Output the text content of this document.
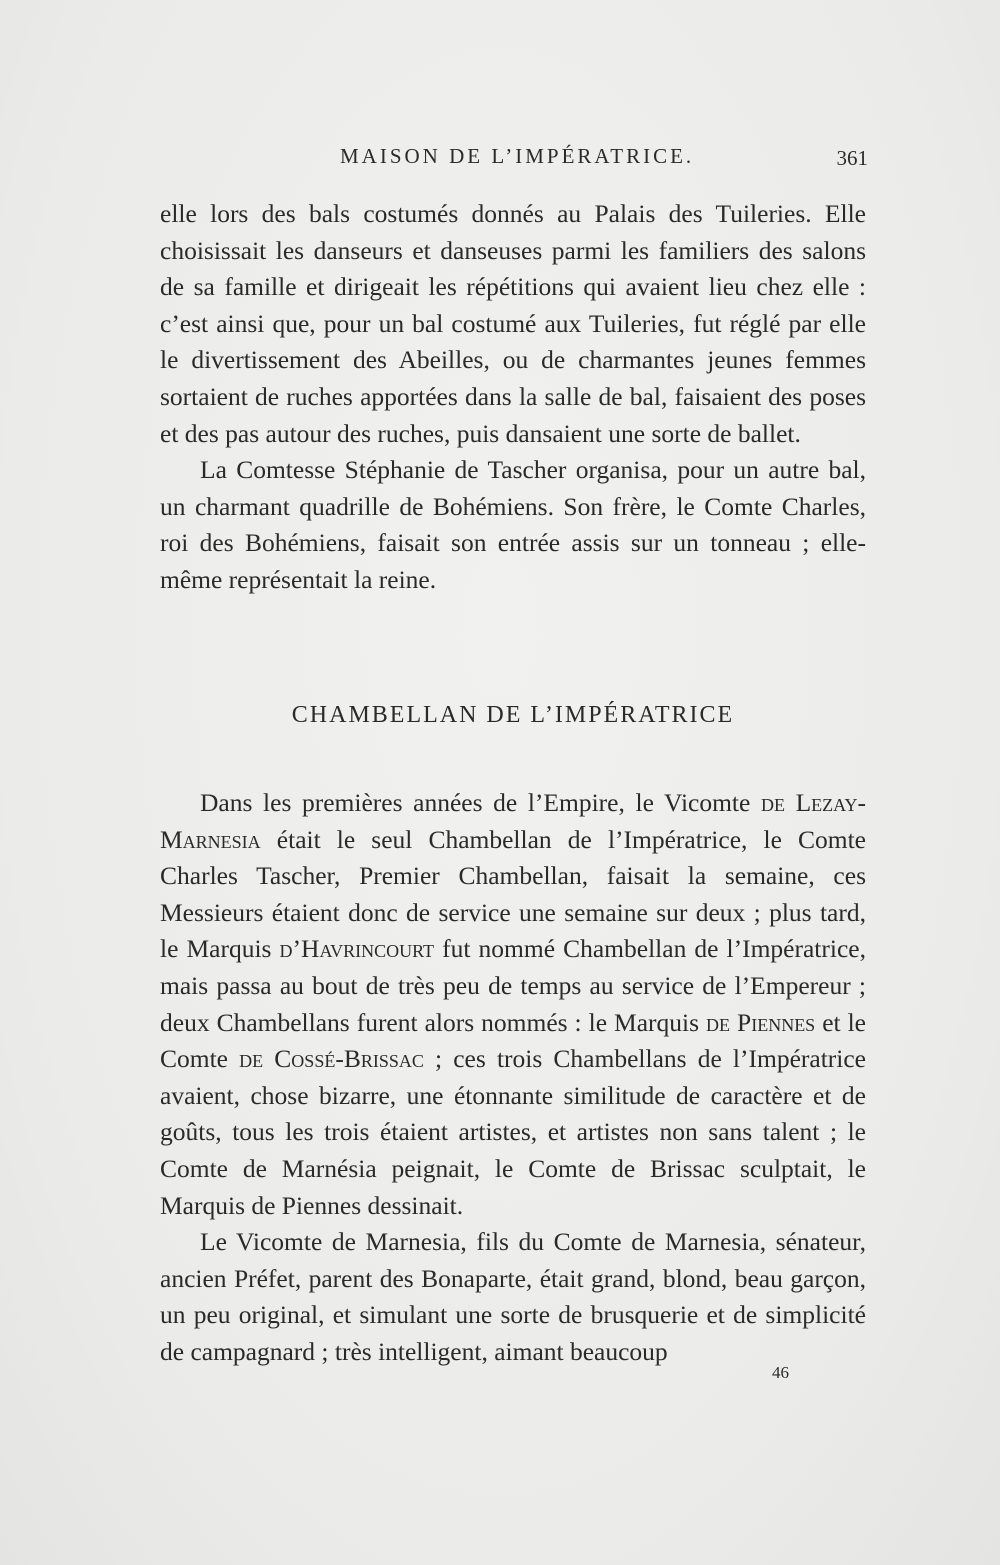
MAISON DE L’IMPÉRATRICE.	361

elle lors des bals costumés donnés au Palais des Tuileries. Elle choisissait les danseurs et danseuses parmi les familiers des salons de sa famille et dirigeait les répétitions qui avaient lieu chez elle : c’est ainsi que, pour un bal costumé aux Tuileries, fut réglé par elle le divertissement des Abeilles, ou de charmantes jeunes femmes sortaient de ruches apportées dans la salle de bal, faisaient des poses et des pas autour des ruches, puis dansaient une sorte de ballet.

La Comtesse Stéphanie de Tascher organisa, pour un autre bal, un charmant quadrille de Bohémiens. Son frère, le Comte Charles, roi des Bohémiens, faisait son entrée assis sur un tonneau ; elle-même représentait la reine.

CHAMBELLAN DE L’IMPÉRATRICE

Dans les premières années de l’Empire, le Vicomte de Lezay-Marnesia était le seul Chambellan de l’Impératrice, le Comte Charles Tascher, Premier Chambellan, faisait la semaine, ces Messieurs étaient donc de service une semaine sur deux ; plus tard, le Marquis d’Havrincourt fut nommé Chambellan de l’Impératrice, mais passa au bout de très peu de temps au service de l’Empereur ; deux Chambellans furent alors nommés : le Marquis de Piennes et le Comte de Cossé-Brissac ; ces trois Chambellans de l’Impératrice avaient, chose bizarre, une étonnante similitude de caractère et de goûts, tous les trois étaient artistes, et artistes non sans talent ; le Comte de Marnésia peignait, le Comte de Brissac sculptait, le Marquis de Piennes dessinait.

Le Vicomte de Marnesia, fils du Comte de Marnesia, sénateur, ancien Préfet, parent des Bonaparte, était grand, blond, beau garçon, un peu original, et simulant une sorte de brusquerie et de simplicité de campagnard ; très intelligent, aimant beaucoup

46
